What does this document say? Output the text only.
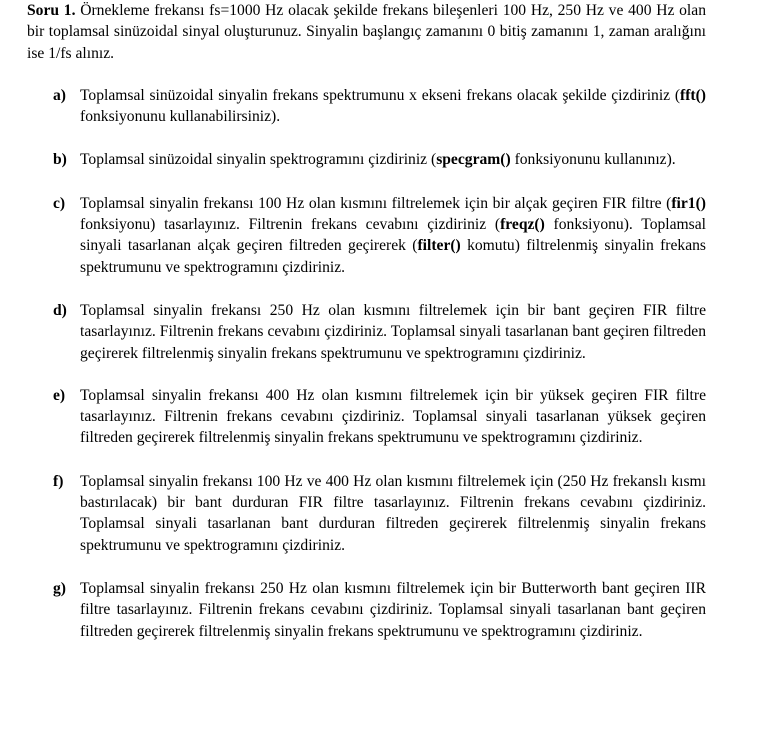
Soru 1. Örnekleme frekansı fs=1000 Hz olacak şekilde frekans bileşenleri 100 Hz, 250 Hz ve 400 Hz olan bir toplamsal sinüzoidal sinyal oluşturunuz. Sinyalin başlangıç zamanını 0 bitiş zamanını 1, zaman aralığını ise 1/fs alınız.

a) Toplamsal sinüzoidal sinyalin frekans spektrumunu x ekseni frekans olacak şekilde çizdiriniz (fft() fonksiyonunu kullanabilirsiniz).
b) Toplamsal sinüzoidal sinyalin spektrogramını çizdiriniz (specgram() fonksiyonunu kullanınız).
c) Toplamsal sinyalin frekansı 100 Hz olan kısmını filtrelemek için bir alçak geçiren FIR filtre (fir1() fonksiyonu) tasarlayınız. Filtrenin frekans cevabını çizdiriniz (freqz() fonksiyonu). Toplamsal sinyali tasarlanan alçak geçiren filtreden geçirerek (filter() komutu) filtrelenmiş sinyalin frekans spektrumunu ve spektrogramını çizdiriniz.
d) Toplamsal sinyalin frekansı 250 Hz olan kısmını filtrelemek için bir bant geçiren FIR filtre tasarlayınız. Filtrenin frekans cevabını çizdiriniz. Toplamsal sinyali tasarlanan bant geçiren filtreden geçirerek filtrelenmiş sinyalin frekans spektrumunu ve spektrogramını çizdiriniz.
e) Toplamsal sinyalin frekansı 400 Hz olan kısmını filtrelemek için bir yüksek geçiren FIR filtre tasarlayınız. Filtrenin frekans cevabını çizdiriniz. Toplamsal sinyali tasarlanan yüksek geçiren filtreden geçirerek filtrelenmiş sinyalin frekans spektrumunu ve spektrogramını çizdiriniz.
f) Toplamsal sinyalin frekansı 100 Hz ve 400 Hz olan kısmını filtrelemek için (250 Hz frekanslı kısmı bastırılacak) bir bant durduran FIR filtre tasarlayınız. Filtrenin frekans cevabını çizdiriniz. Toplamsal sinyali tasarlanan bant durduran filtreden geçirerek filtrelenmiş sinyalin frekans spektrumunu ve spektrogramını çizdiriniz.
g) Toplamsal sinyalin frekansı 250 Hz olan kısmını filtrelemek için bir Butterworth bant geçiren IIR filtre tasarlayınız. Filtrenin frekans cevabını çizdiriniz. Toplamsal sinyali tasarlanan bant geçiren filtreden geçirerek filtrelenmiş sinyalin frekans spektrumunu ve spektrogramını çizdiriniz.
